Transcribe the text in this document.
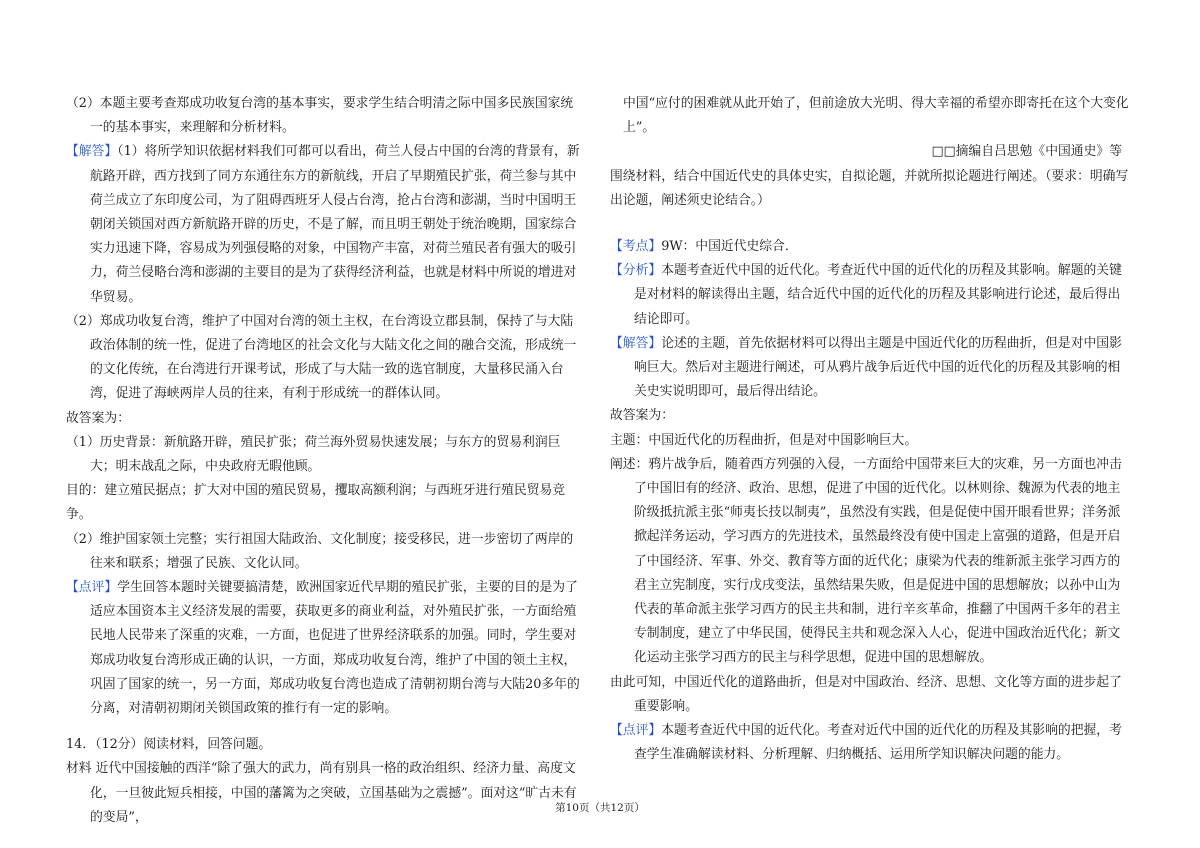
（2）本题主要考查郑成功收复台湾的基本事实，要求学生结合明清之际中国多民族国家统一的基本事实，来理解和分析材料。

【解答】（1）将所学知识依据材料我们可都可以看出，荷兰人侵占中国的台湾的背景有，新航路开辟，西方找到了同方东通往东方的新航线，开启了早期殖民扩张，荷兰参与其中荷兰成立了东印度公司，为了阻碍西班牙人侵占台湾，抢占台湾和澎湖，当时中国明王朝闭关锁国对西方新航路开辟的历史，不是了解，而且明王朝处于统治晚期，国家综合实力迅速下降，容易成为列强侵略的对象，中国物产丰富，对荷兰殖民者有强大的吸引力，荷兰侵略台湾和澎湖的主要目的是为了获得经济利益，也就是材料中所说的增进对华贸易。

（2）郑成功收复台湾，维护了中国对台湾的领土主权，在台湾设立郡县制，保持了与大陆政治体制的统一性，促进了台湾地区的社会文化与大陆文化之间的融合交流，形成统一的文化传统，在台湾进行开课考试，形成了与大陆一致的选官制度，大量移民涌入台湾，促进了海峡两岸人员的往来，有利于形成统一的群体认同。

故答案为：

（1）历史背景：新航路开辟，殖民扩张；荷兰海外贸易快速发展；与东方的贸易利润巨大；明末战乱之际，中央政府无暇他顾。

目的：建立殖民据点；扩大对中国的殖民贸易，攫取高额利润；与西班牙进行殖民贸易竞争。

（2）维护国家领土完整；实行祖国大陆政治、文化制度；接受移民，进一步密切了两岸的往来和联系；增强了民族、文化认同。

【点评】学生回答本题时关键要搞清楚，欧洲国家近代早期的殖民扩张，主要的目的是为了适应本国资本主义经济发展的需要，获取更多的商业利益，对外殖民扩张，一方面给殖民地人民带来了深重的灾难，一方面，也促进了世界经济联系的加强。同时，学生要对郑成功收复台湾形成正确的认识，一方面，郑成功收复台湾，维护了中国的领土主权，巩固了国家的统一，另一方面，郑成功收复台湾也造成了清朝初期台湾与大陆20多年的分离，对清朝初期闭关锁国政策的推行有一定的影响。

14．（12分）阅读材料，回答问题。

材料 近代中国接触的西洋“除了强大的武力，尚有别具一格的政治组织、经济力量、高度文化，一旦彼此短兵相接，中国的藩篱为之突破，立国基础为之震撼”。面对这“旷古未有的变局”，

中国“应付的困难就从此开始了，但前途放大光明、得大幸福的希望亦即寄托在这个大变化上”。

□□摘编自吕思勉《中国通史》等

围绕材料，结合中国近代史的具体史实，自拟论题，并就所拟论题进行阐述。（要求：明确写出论题，阐述须史论结合。）

【考点】9W：中国近代史综合．

【分析】本题考查近代中国的近代化。考查近代中国的近代化的历程及其影响。解题的关键是对材料的解读得出主题，结合近代中国的近代化的历程及其影响进行论述，最后得出结论即可。

【解答】论述的主题，首先依据材料可以得出主题是中国近代化的历程曲折，但是对中国影响巨大。然后对主题进行阐述，可从鸦片战争后近代中国的近代化的历程及其影响的相关史实说明即可，最后得出结论。

故答案为：

主题：中国近代化的历程曲折，但是对中国影响巨大。

阐述：鸦片战争后，随着西方列强的入侵，一方面给中国带来巨大的灾难，另一方面也冲击了中国旧有的经济、政治、思想，促进了中国的近代化。以林则徐、魏源为代表的地主阶级抵抗派主张“师夷长技以制夷”，虽然没有实践，但是促使中国开眼看世界；洋务派掀起洋务运动，学习西方的先进技术，虽然最终没有使中国走上富强的道路，但是开启了中国经济、军事、外交、教育等方面的近代化；康梁为代表的维新派主张学习西方的君主立宪制度，实行戊戌变法，虽然结果失败，但是促进中国的思想解放；以孙中山为代表的革命派主张学习西方的民主共和制，进行辛亥革命，推翻了中国两千多年的君主专制制度，建立了中华民国，使得民主共和观念深入人心，促进中国政治近代化；新文化运动主张学习西方的民主与科学思想，促进中国的思想解放。

由此可知，中国近代化的道路曲折，但是对中国政治、经济、思想、文化等方面的进步起了重要影响。

【点评】本题考查近代中国的近代化。考查对近代中国的近代化的历程及其影响的把握，考查学生准确解读材料、分析理解、归纳概括、运用所学知识解决问题的能力。

第10页（共12页）
